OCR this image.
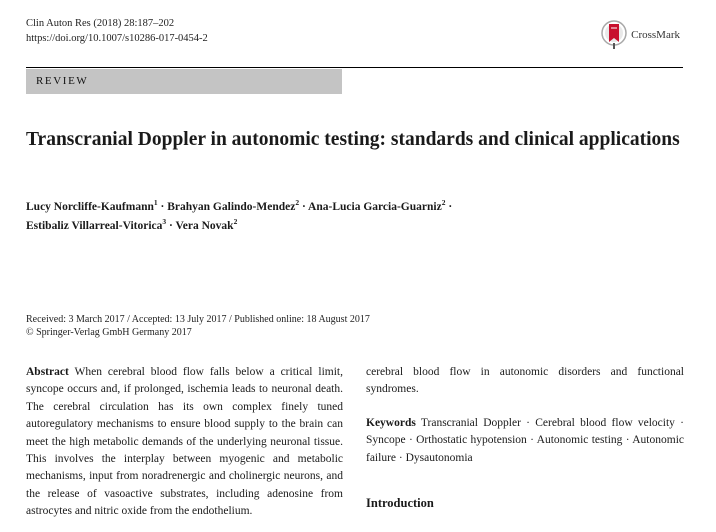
Clin Auton Res (2018) 28:187–202
https://doi.org/10.1007/s10286-017-0454-2	CrossMark
REVIEW
Transcranial Doppler in autonomic testing: standards and clinical applications
Lucy Norcliffe-Kaufmann$^1$ · Brahyan Galindo-Mendez$^2$ · Ana-Lucia Garcia-Guarniz$^2$ ·
Estibaliz Villarreal-Vitorica$^3$ · Vera Novak$^2$
Received: 3 March 2017 / Accepted: 13 July 2017 / Published online: 18 August 2017
© Springer-Verlag GmbH Germany 2017
Abstract When cerebral blood flow falls below a critical limit, syncope occurs and, if prolonged, ischemia leads to neuronal death. The cerebral circulation has its own complex finely tuned autoregulatory mechanisms to ensure blood supply to the brain can meet the high metabolic demands of the underlying neuronal tissue. This involves the interplay between myogenic and metabolic mechanisms, input from noradrenergic and cholinergic neurons, and the release of vasoactive substrates, including adenosine from astrocytes and nitric oxide from the endothelium.

cerebral blood flow in autonomic disorders and functional syndromes.

Keywords Transcranial Doppler · Cerebral blood flow velocity · Syncope · Orthostatic hypotension · Autonomic testing · Autonomic failure · Dysautonomia

Introduction
